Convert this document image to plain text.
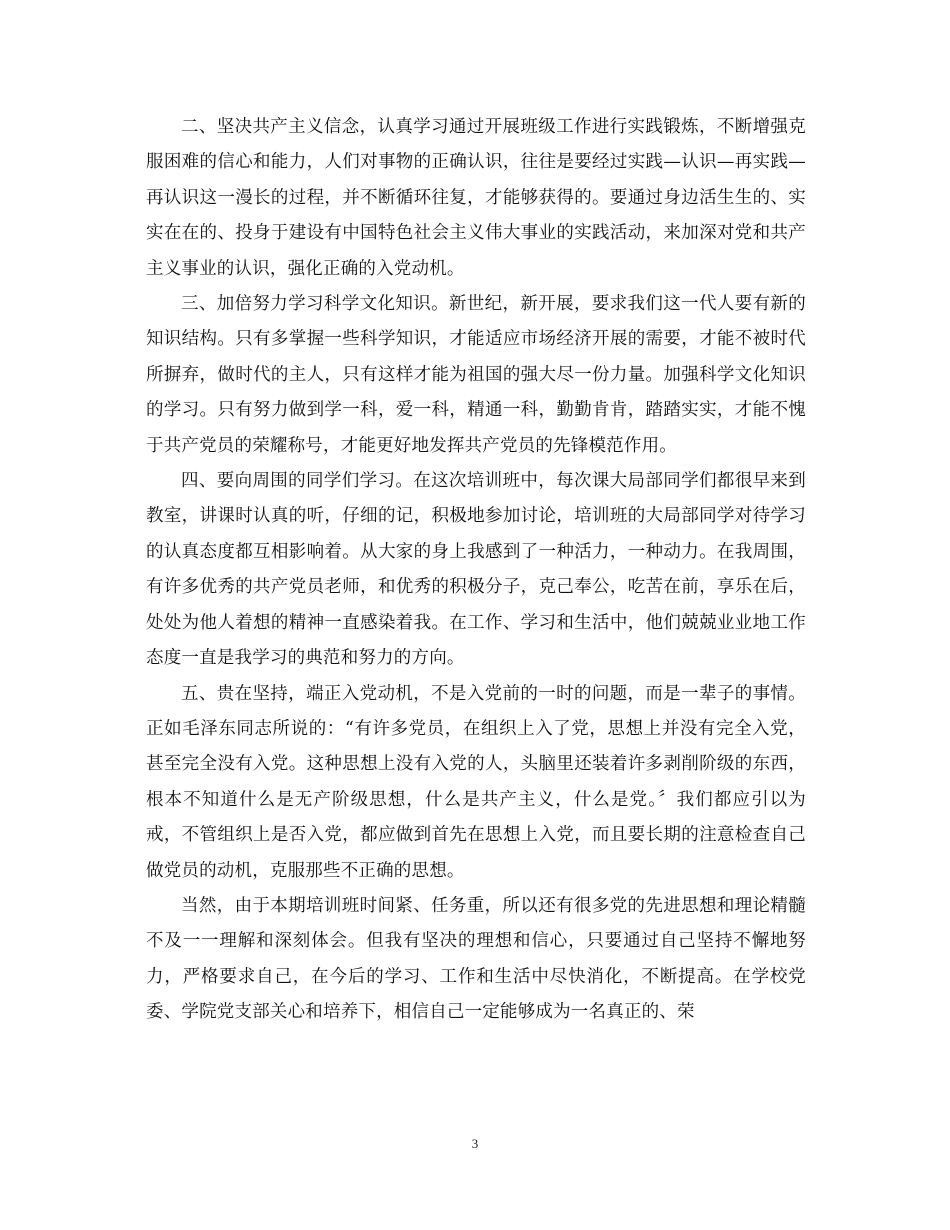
二、坚决共产主义信念，认真学习通过开展班级工作进行实践锻炼，不断增强克服困难的信心和能力，人们对事物的正确认识，往往是要经过实践—认识—再实践—再认识这一漫长的过程，并不断循环往复，才能够获得的。要通过身边活生生的、实实在在的、投身于建设有中国特色社会主义伟大事业的实践活动，来加深对党和共产主义事业的认识，强化正确的入党动机。

三、加倍努力学习科学文化知识。新世纪，新开展，要求我们这一代人要有新的知识结构。只有多掌握一些科学知识，才能适应市场经济开展的需要，才能不被时代所摒弃，做时代的主人，只有这样才能为祖国的强大尽一份力量。加强科学文化知识的学习。只有努力做到学一科，爱一科，精通一科，勤勤肯肯，踏踏实实，才能不愧于共产党员的荣耀称号，才能更好地发挥共产党员的先锋模范作用。

四、要向周围的同学们学习。在这次培训班中，每次课大局部同学们都很早来到教室，讲课时认真的听，仔细的记，积极地参加讨论，培训班的大局部同学对待学习的认真态度都互相影响着。从大家的身上我感到了一种活力，一种动力。在我周围，有许多优秀的共产党员老师，和优秀的积极分子，克己奉公，吃苦在前，享乐在后，处处为他人着想的精神一直感染着我。在工作、学习和生活中，他们兢兢业业地工作态度一直是我学习的典范和努力的方向。

五、贵在坚持，端正入党动机，不是入党前的一时的问题，而是一辈子的事情。正如毛泽东同志所说的：“有许多党员，在组织上入了党，思想上并没有完全入党，甚至完全没有入党。这种思想上没有入党的人，头脑里还装着许多剥削阶级的东西，根本不知道什么是无产阶级思想，什么是共产主义，什么是党。〞我们都应引以为戒，不管组织上是否入党，都应做到首先在思想上入党，而且要长期的注意检查自己做党员的动机，克服那些不正确的思想。

当然，由于本期培训班时间紧、任务重，所以还有很多党的先进思想和理论精髓不及一一理解和深刻体会。但我有坚决的理想和信心，只要通过自己坚持不懈地努力，严格要求自己，在今后的学习、工作和生活中尽快消化，不断提高。在学校党委、学院党支部关心和培养下，相信自己一定能够成为一名真正的、荣

3
